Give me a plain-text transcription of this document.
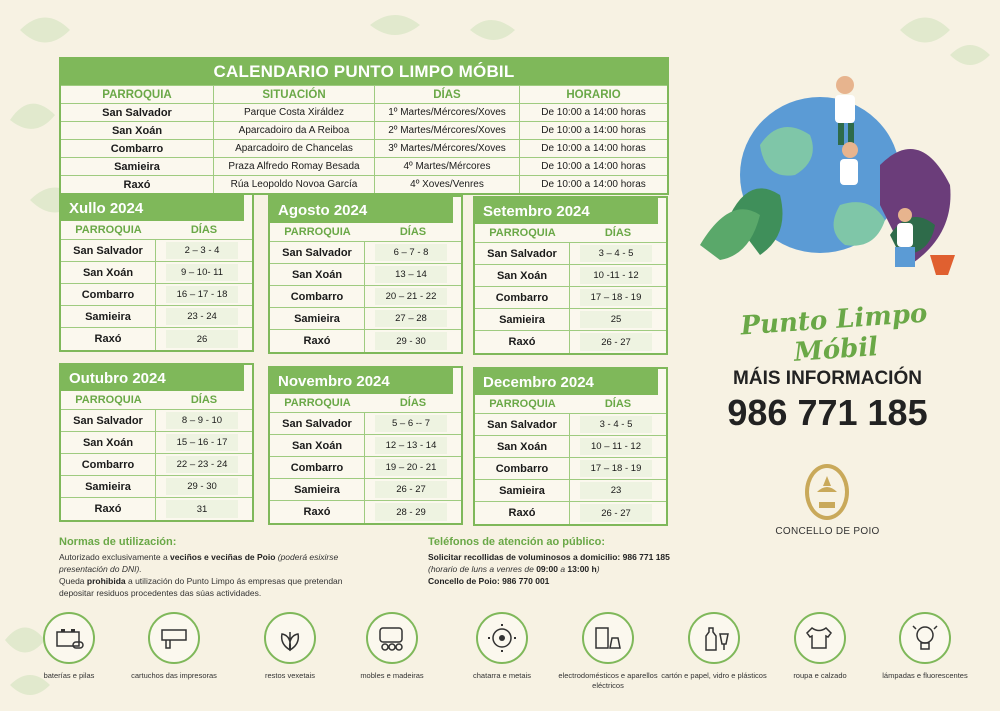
CALENDARIO PUNTO LIMPO MÓBIL
PARROQUIA	SITUACIÓN	DÍAS	HORARIO
San Salvador	Parque Costa Xiráldez	1º Martes/Mércores/Xoves	De 10:00 a 14:00 horas
San Xoán	Aparcadoiro da A Reiboa	2º Martes/Mércores/Xoves	De 10:00 a 14:00 horas
Combarro	Aparcadoiro de Chancelas	3º Martes/Mércores/Xoves	De 10:00 a 14:00 horas
Samieira	Praza Alfredo Romay Besada	4º Martes/Mércores	De 10:00 a 14:00 horas
Raxó	Rúa Leopoldo Novoa García	4º Xoves/Venres	De 10:00 a 14:00 horas
Xullo 2024
PARROQUIA	DÍAS
San Salvador	2 – 3 - 4
San Xoán	9 – 10- 11
Combarro	16 – 17 - 18
Samieira	23 - 24
Raxó	26
Agosto 2024
PARROQUIA	DÍAS
San Salvador	6 – 7 - 8
San Xoán	13 – 14
Combarro	20 – 21 - 22
Samieira	27 – 28
Raxó	29 - 30
Setembro 2024
PARROQUIA	DÍAS
San Salvador	3 – 4 - 5
San Xoán	10 -11 - 12
Combarro	17 – 18 - 19
Samieira	25
Raxó	26 - 27
Outubro 2024
PARROQUIA	DÍAS
San Salvador	8 – 9 - 10
San Xoán	15 – 16 - 17
Combarro	22 – 23 - 24
Samieira	29 - 30
Raxó	31
Novembro 2024
PARROQUIA	DÍAS
San Salvador	5 – 6 -- 7
San Xoán	12 – 13 - 14
Combarro	19 – 20 - 21
Samieira	26 - 27
Raxó	28 - 29
Decembro 2024
PARROQUIA	DÍAS
San Salvador	3 - 4 - 5
San Xoán	10 – 11 - 12
Combarro	17 – 18 - 19
Samieira	23
Raxó	26 - 27
Punto Limpo Móbil
MÁIS INFORMACIÓN
986 771 185
CONCELLO DE POIO
Normas de utilización:
Autorizado exclusivamente a veciños e veciñas de Poio (poderá esixirse presentación do DNI).
Queda prohibida a utilización do Punto Limpo ás empresas que pretendan depositar residuos procedentes das súas actividades.
Teléfonos de atención ao público:
Solicitar recollidas de voluminosos a domicilio: 986 771 185
(horario de luns a venres de 09:00 a 13:00 h)
Concello de Poio: 986 770 001
baterías e pilas	cartuchos das impresoras	restos vexetais	mobles e madeiras	chatarra e metais	electrodomésticos e aparellos eléctricos
cartón e papel, vidro e plásticos	roupa e calzado	lámpadas e fluorescentes
